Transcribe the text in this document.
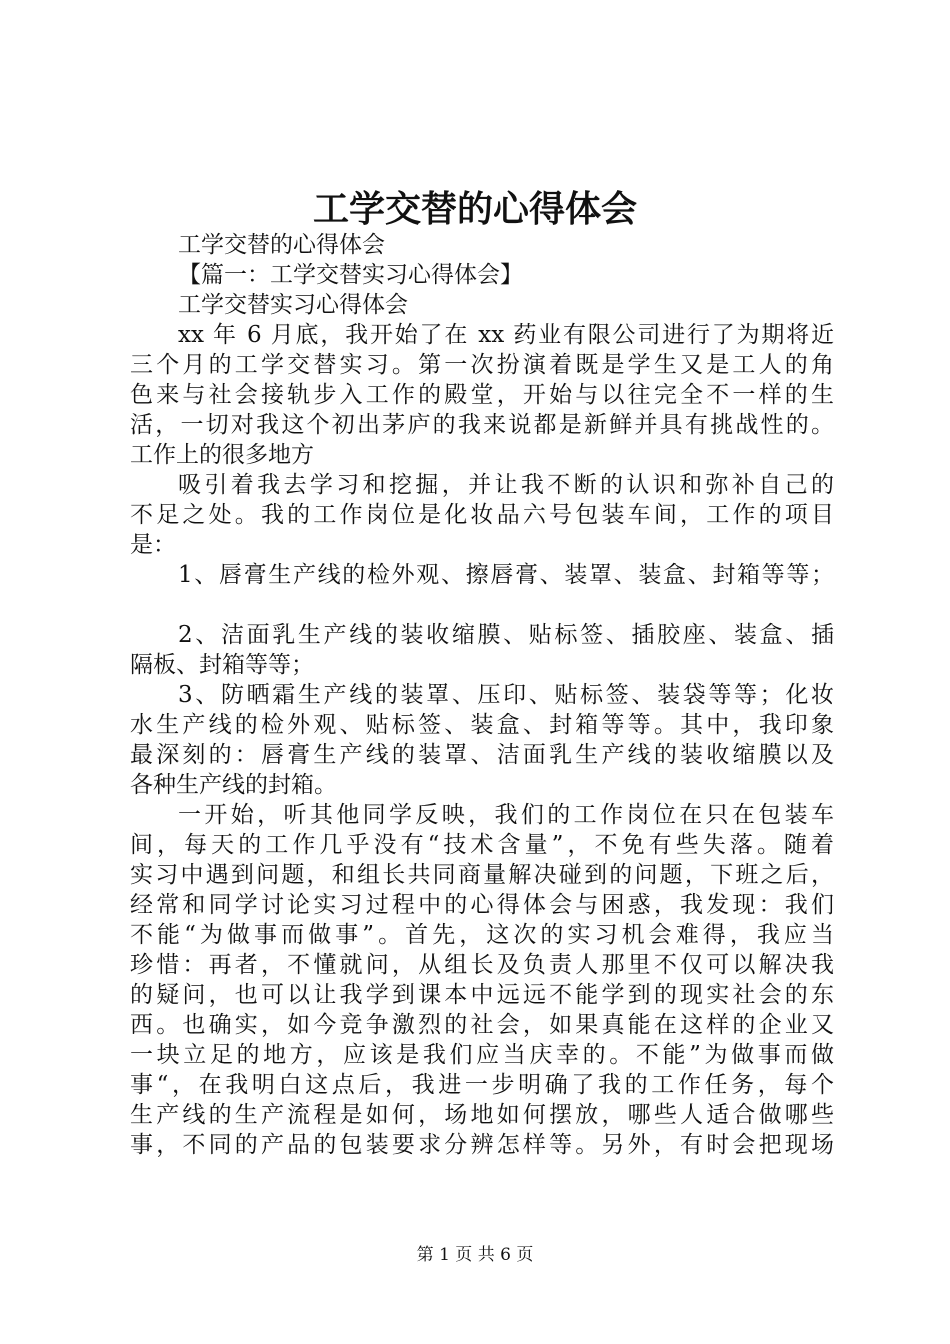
工学交替的心得体会
工学交替的心得体会
【篇一：工学交替实习心得体会】
工学交替实习心得体会
xx 年 6 月底，我开始了在 xx 药业有限公司进行了为期将近
三个月的工学交替实习。第一次扮演着既是学生又是工人的角
色来与社会接轨步入工作的殿堂，开始与以往完全不一样的生
活，一切对我这个初出茅庐的我来说都是新鲜并具有挑战性的。
工作上的很多地方
吸引着我去学习和挖掘，并让我不断的认识和弥补自己的
不足之处。我的工作岗位是化妆品六号包装车间，工作的项目
是：
1、唇膏生产线的检外观、擦唇膏、装罩、装盒、封箱等等；
2、洁面乳生产线的装收缩膜、贴标签、插胶座、装盒、插
隔板、封箱等等；
3、防晒霜生产线的装罩、压印、贴标签、装袋等等；化妆
水生产线的检外观、贴标签、装盒、封箱等等。其中，我印象
最深刻的：唇膏生产线的装罩、洁面乳生产线的装收缩膜以及
各种生产线的封箱。
一开始，听其他同学反映，我们的工作岗位在只在包装车
间，每天的工作几乎没有“技术含量”，不免有些失落。随着
实习中遇到问题，和组长共同商量解决碰到的问题，下班之后，
经常和同学讨论实习过程中的心得体会与困惑，我发现：我们
不能“为做事而做事”。首先，这次的实习机会难得，我应当
珍惜：再者，不懂就问，从组长及负责人那里不仅可以解决我
的疑问，也可以让我学到课本中远远不能学到的现实社会的东
西。也确实，如今竞争激烈的社会，如果真能在这样的企业又
一块立足的地方，应该是我们应当庆幸的。不能”为做事而做
事“，在我明白这点后，我进一步明确了我的工作任务，每个
生产线的生产流程是如何，场地如何摆放，哪些人适合做哪些
事，不同的产品的包装要求分辨怎样等。另外，有时会把现场
第 1 页 共 6 页
